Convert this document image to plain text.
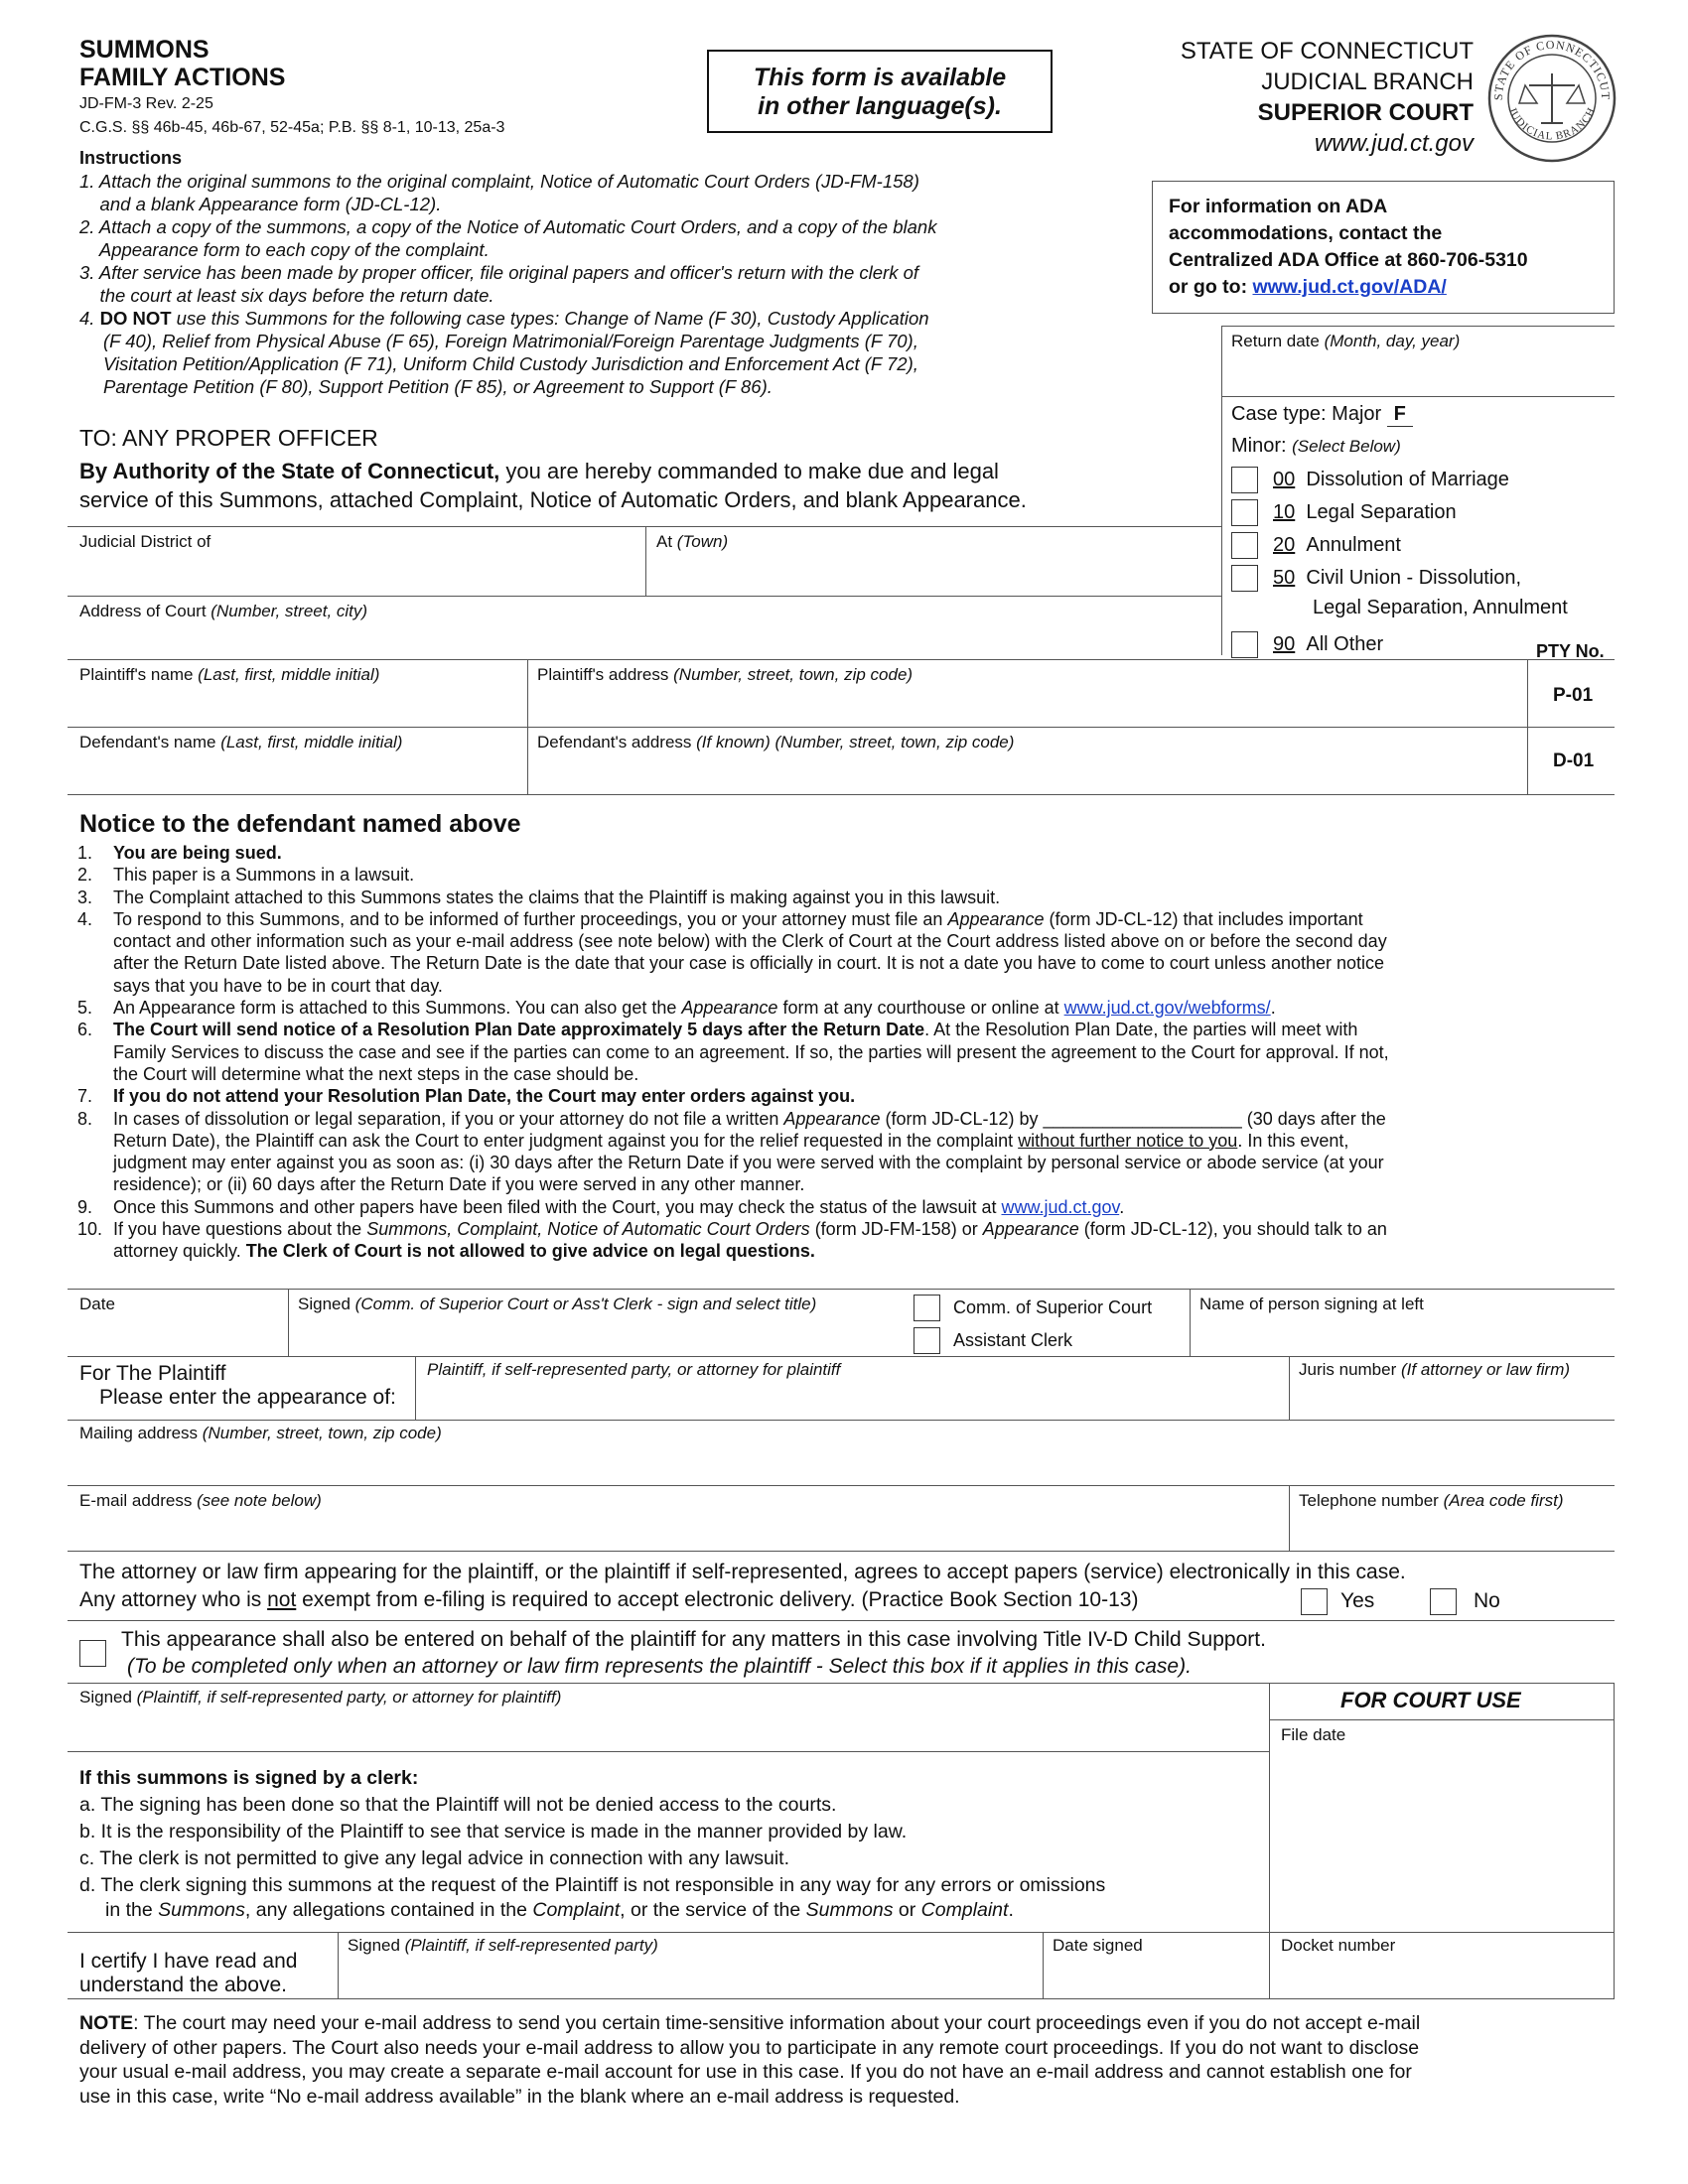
SUMMONS
FAMILY ACTIONS
JD-FM-3 Rev. 2-25
C.G.S. §§ 46b-45, 46b-67, 52-45a; P.B. §§ 8-1, 10-13, 25a-3
This form is available
in other language(s).
STATE OF CONNECTICUT
JUDICIAL BRANCH
SUPERIOR COURT
www.jud.ct.gov
STATE OF CONNECTICUT
JUDICIAL BRANCH
For information on ADA
accommodations, contact the
Centralized ADA Office at 860-706-5310
or go to: www.jud.ct.gov/ADA/
Instructions
1. Attach the original summons to the original complaint, Notice of Automatic Court Orders (JD-FM-158)
and a blank Appearance form (JD-CL-12).
2. Attach a copy of the summons, a copy of the Notice of Automatic Court Orders, and a copy of the blank
Appearance form to each copy of the complaint.
3. After service has been made by proper officer, file original papers and officer's return with the clerk of
the court at least six days before the return date.
4. DO NOT use this Summons for the following case types: Change of Name (F 30), Custody Application
(F 40), Relief from Physical Abuse (F 65), Foreign Matrimonial/Foreign Parentage Judgments (F 70),
Visitation Petition/Application (F 71), Uniform Child Custody Jurisdiction and Enforcement Act (F 72),
Parentage Petition (F 80), Support Petition (F 85), or Agreement to Support (F 86).
TO: ANY PROPER OFFICER
By Authority of the State of Connecticut, you are hereby commanded to make due and legal
service of this Summons, attached Complaint, Notice of Automatic Orders, and blank Appearance.
Return date (Month, day, year)
Case type: Major F
Minor: (Select Below)
00 Dissolution of Marriage
10 Legal Separation
20 Annulment
50 Civil Union - Dissolution,
Legal Separation, Annulment
90 All Other
Judicial District of	At (Town)
Address of Court (Number, street, city)
PTY No.
Plaintiff's name (Last, first, middle initial)	Plaintiff's address (Number, street, town, zip code)
P-01
Defendant's name (Last, first, middle initial)	Defendant's address (If known) (Number, street, town, zip code)
D-01
Notice to the defendant named above
1. You are being sued.
2. This paper is a Summons in a lawsuit.
3. The Complaint attached to this Summons states the claims that the Plaintiff is making against you in this lawsuit.
4. To respond to this Summons, and to be informed of further proceedings, you or your attorney must file an Appearance (form JD-CL-12) that includes important
contact and other information such as your e-mail address (see note below) with the Clerk of Court at the Court address listed above on or before the second day
after the Return Date listed above. The Return Date is the date that your case is officially in court. It is not a date you have to come to court unless another notice
says that you have to be in court that day.
5. An Appearance form is attached to this Summons. You can also get the Appearance form at any courthouse or online at www.jud.ct.gov/webforms/.
6. The Court will send notice of a Resolution Plan Date approximately 5 days after the Return Date. At the Resolution Plan Date, the parties will meet with
Family Services to discuss the case and see if the parties can come to an agreement. If so, the parties will present the agreement to the Court for approval. If not,
the Court will determine what the next steps in the case should be.
7. If you do not attend your Resolution Plan Date, the Court may enter orders against you.
8. In cases of dissolution or legal separation, if you or your attorney do not file a written Appearance (form JD-CL-12) by ____________________ (30 days after the
Return Date), the Plaintiff can ask the Court to enter judgment against you for the relief requested in the complaint without further notice to you. In this event,
judgment may enter against you as soon as: (i) 30 days after the Return Date if you were served with the complaint by personal service or abode service (at your
residence); or (ii) 60 days after the Return Date if you were served in any other manner.
9. Once this Summons and other papers have been filed with the Court, you may check the status of the lawsuit at www.jud.ct.gov.
10. If you have questions about the Summons, Complaint, Notice of Automatic Court Orders (form JD-FM-158) or Appearance (form JD-CL-12), you should talk to an
attorney quickly. The Clerk of Court is not allowed to give advice on legal questions.
Date	Signed (Comm. of Superior Court or Ass't Clerk - sign and select title)	Comm. of Superior Court
Assistant Clerk
Name of person signing at left
For The Plaintiff
Please enter the appearance of:
Plaintiff, if self-represented party, or attorney for plaintiff	Juris number (If attorney or law firm)
Mailing address (Number, street, town, zip code)
E-mail address (see note below)	Telephone number (Area code first)
The attorney or law firm appearing for the plaintiff, or the plaintiff if self-represented, agrees to accept papers (service) electronically in this case.
Any attorney who is not exempt from e-filing is required to accept electronic delivery. (Practice Book Section 10-13)	Yes	No
This appearance shall also be entered on behalf of the plaintiff for any matters in this case involving Title IV-D Child Support.
(To be completed only when an attorney or law firm represents the plaintiff - Select this box if it applies in this case).
Signed (Plaintiff, if self-represented party, or attorney for plaintiff)	FOR COURT USE
File date
If this summons is signed by a clerk:
a. The signing has been done so that the Plaintiff will not be denied access to the courts.
b. It is the responsibility of the Plaintiff to see that service is made in the manner provided by law.
c. The clerk is not permitted to give any legal advice in connection with any lawsuit.
d. The clerk signing this summons at the request of the Plaintiff is not responsible in any way for any errors or omissions
in the Summons, any allegations contained in the Complaint, or the service of the Summons or Complaint.
I certify I have read and
understand the above.
Signed (Plaintiff, if self-represented party)	Date signed	Docket number
NOTE: The court may need your e-mail address to send you certain time-sensitive information about your court proceedings even if you do not accept e-mail
delivery of other papers. The Court also needs your e-mail address to allow you to participate in any remote court proceedings. If you do not want to disclose
your usual e-mail address, you may create a separate e-mail account for use in this case. If you do not have an e-mail address and cannot establish one for
use in this case, write “No e-mail address available” in the blank where an e-mail address is requested.
